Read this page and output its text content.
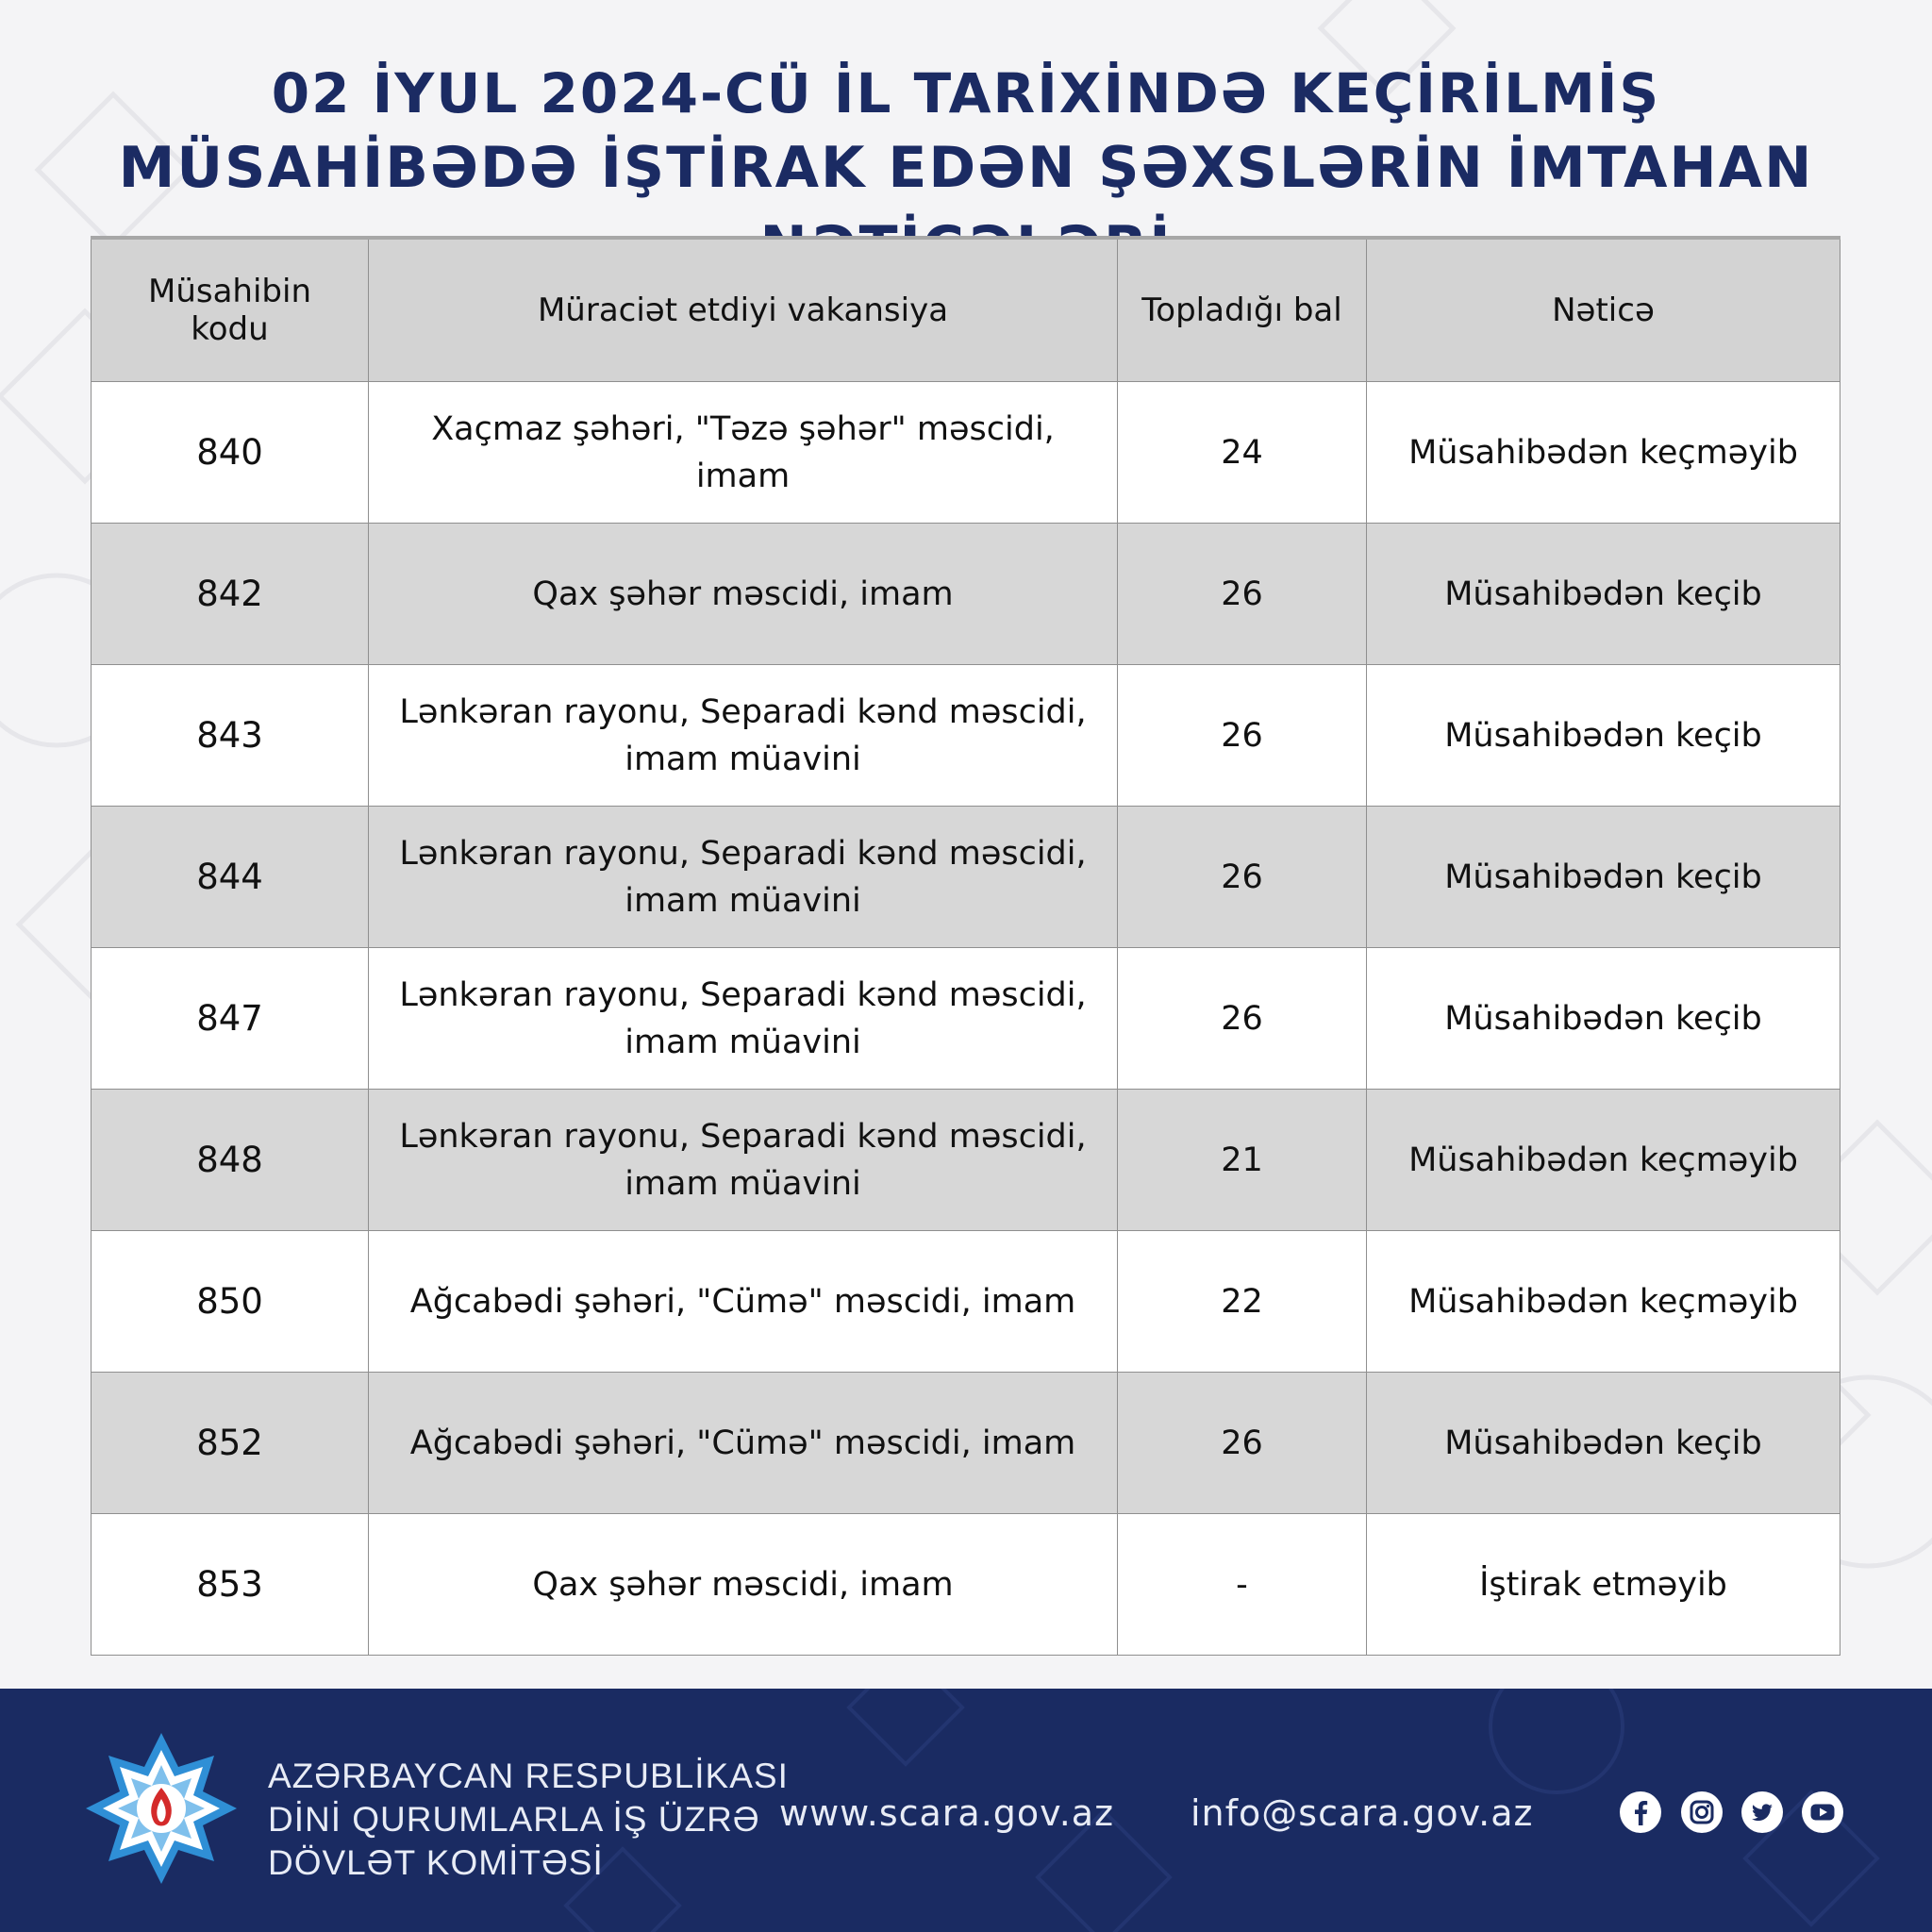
02 İYUL 2024-CÜ İL TARİXİNDƏ KEÇİRİLMİŞ
MÜSAHİBƏDƏ İŞTİRAK EDƏN ŞƏXSLƏRİN İMTAHAN
Müsahibin kodu	Müraciət etdiyi vakansiya	Topladığı bal	Nəticə
840	Xaçmaz şəhəri, "Təzə şəhər" məscidi, imam	24	Müsahibədən keçməyib
842	Qax şəhər məscidi, imam	26	Müsahibədən keçib
843	Lənkəran rayonu, Separadi kənd məscidi, imam müavini	26	Müsahibədən keçib
844	Lənkəran rayonu, Separadi kənd məscidi, imam müavini	26	Müsahibədən keçib
847	Lənkəran rayonu, Separadi kənd məscidi, imam müavini	26	Müsahibədən keçib
848	Lənkəran rayonu, Separadi kənd məscidi, imam müavini	21	Müsahibədən keçməyib
850	Ağcabədi şəhəri, "Cümə" məscidi, imam	22	Müsahibədən keçməyib
852	Ağcabədi şəhəri, "Cümə" məscidi, imam	26	Müsahibədən keçib
853	Qax şəhər məscidi, imam	-	İştirak etməyib
AZƏRBAYCAN RESPUBLİKASI
DİNİ QURUMLARLA İŞ ÜZRƏ
DÖVLƏT KOMİTƏSİ
www.scara.gov.az info@scara.gov.az
